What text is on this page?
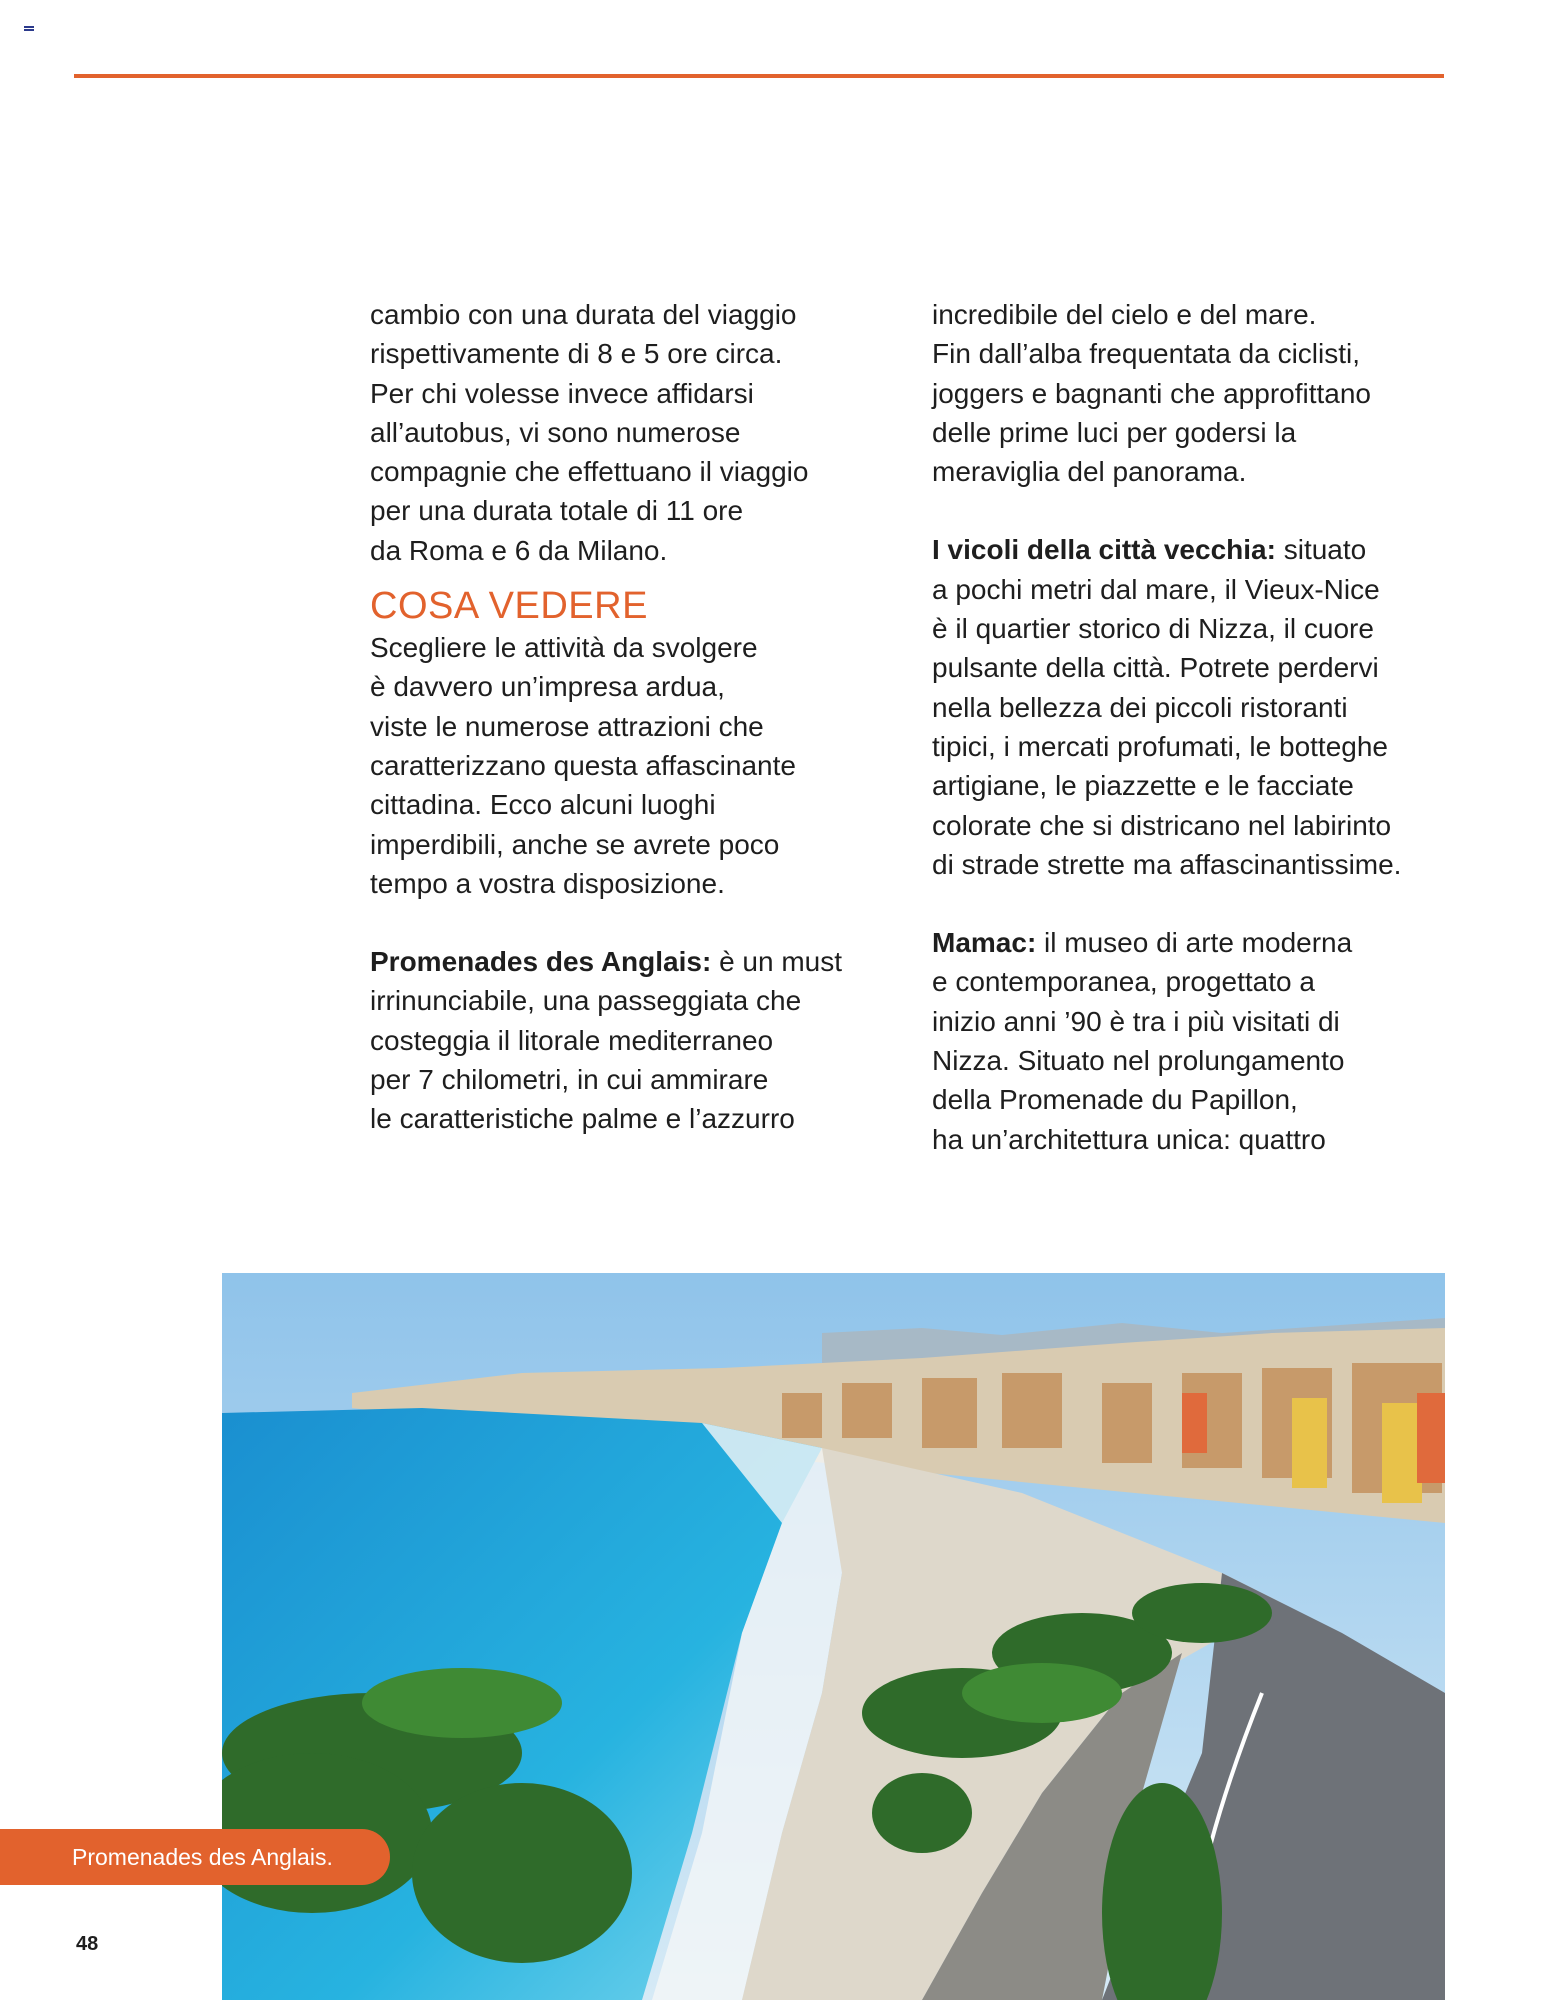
cambio con una durata del viaggio
rispettivamente di 8 e 5 ore circa.
Per chi volesse invece affidarsi
all’autobus, vi sono numerose
compagnie che effettuano il viaggio
per una durata totale di 11 ore
da Roma e 6 da Milano.

COSA VEDERE

Scegliere le attività da svolgere
è davvero un’impresa ardua,
viste le numerose attrazioni che
caratterizzano questa affascinante
cittadina. Ecco alcuni luoghi
imperdibili, anche se avrete poco
tempo a vostra disposizione.

Promenades des Anglais: è un must
irrinunciabile, una passeggiata che
costeggia il litorale mediterraneo
per 7 chilometri, in cui ammirare
le caratteristiche palme e l’azzurro

incredibile del cielo e del mare.
Fin dall’alba frequentata da ciclisti,
joggers e bagnanti che approfittano
delle prime luci per godersi la
meraviglia del panorama.

I vicoli della città vecchia: situato
a pochi metri dal mare, il Vieux-Nice
è il quartier storico di Nizza, il cuore
pulsante della città. Potrete perdervi
nella bellezza dei piccoli ristoranti
tipici, i mercati profumati, le botteghe
artigiane, le piazzette e le facciate
colorate che si districano nel labirinto
di strade strette ma affascinantissime.

Mamac: il museo di arte moderna
e contemporanea, progettato a
inizio anni ’90 è tra i più visitati di
Nizza. Situato nel prolungamento
della Promenade du Papillon,
ha un’architettura unica: quattro

Promenades des Anglais.
48
